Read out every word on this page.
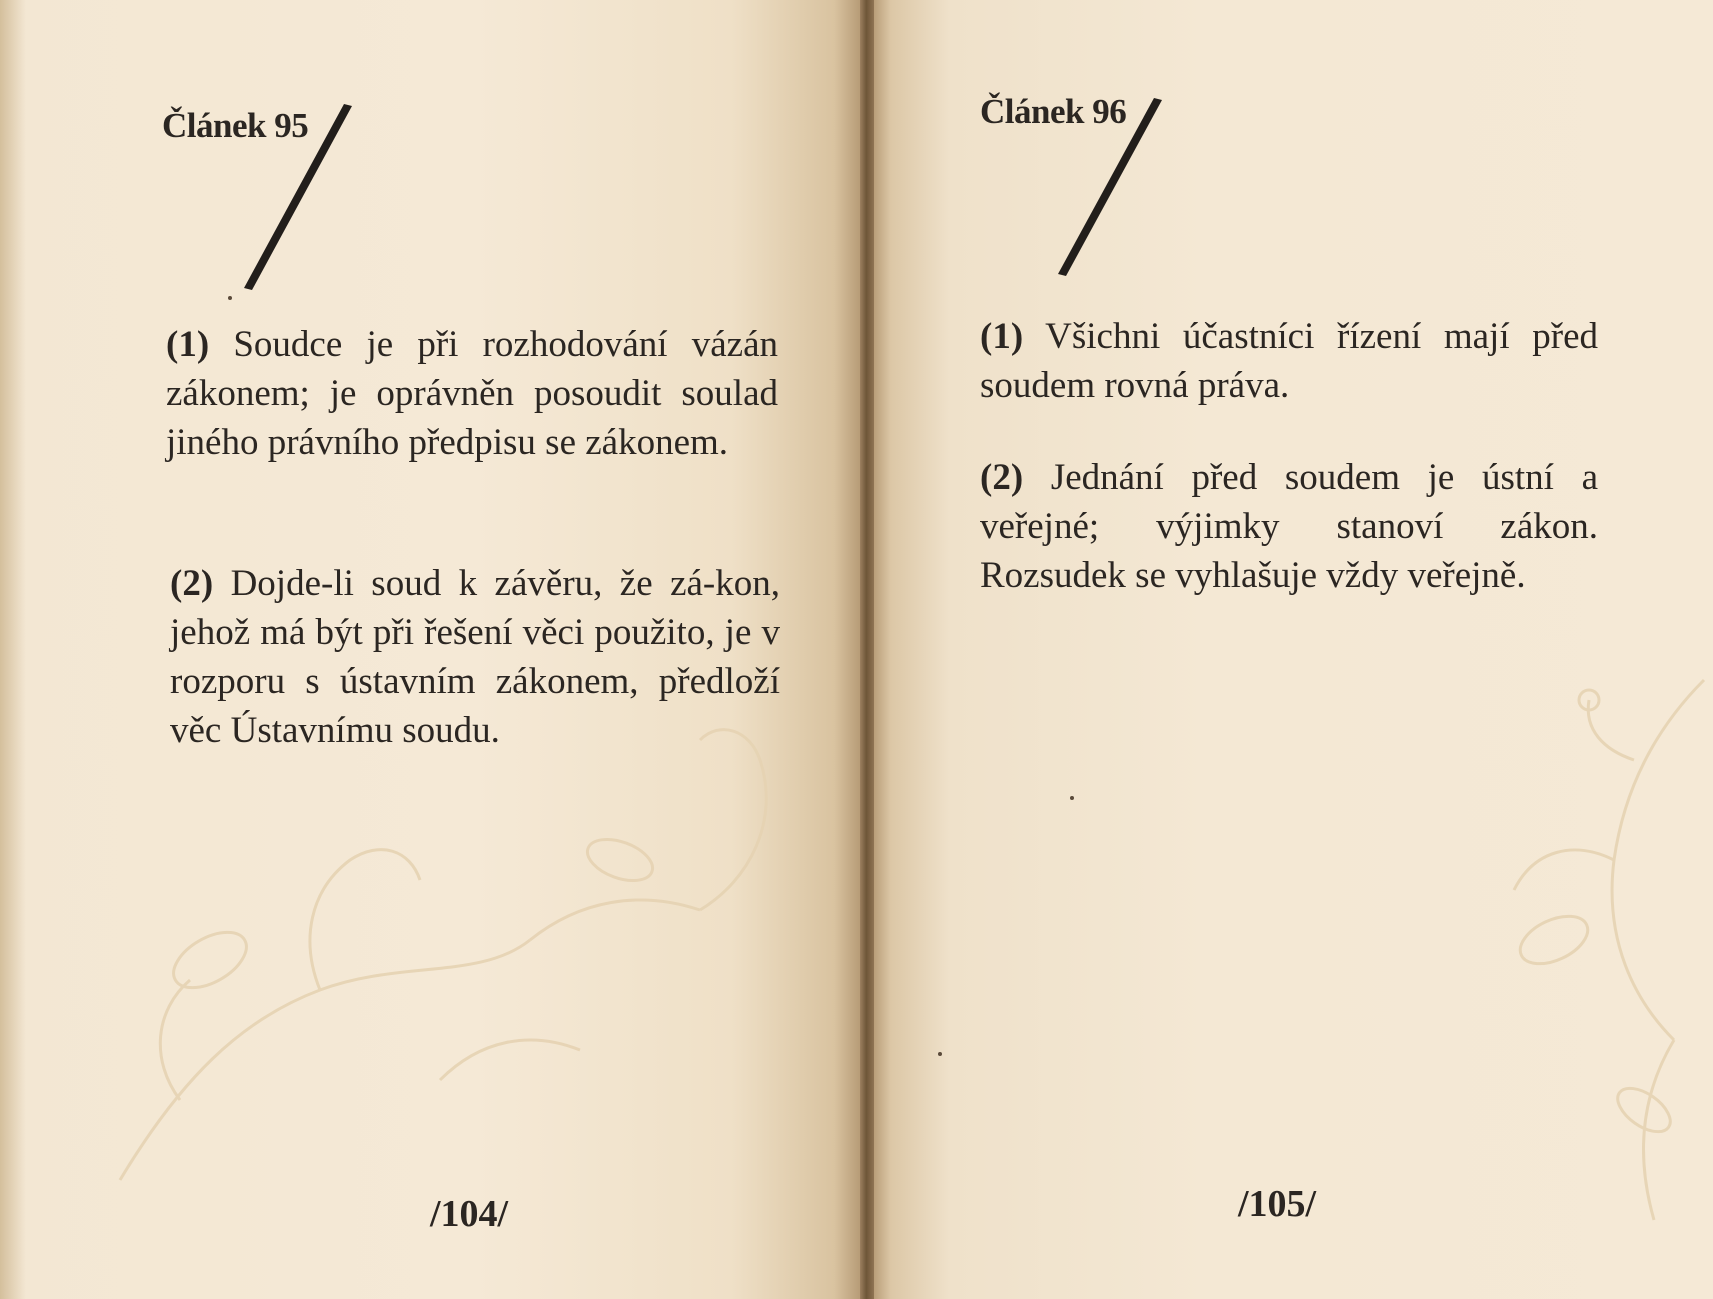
Článek 95

(1) Soudce je při rozhodování vázán zákonem; je oprávněn posoudit soulad jiného právního předpisu se zákonem.

(2) Dojde-li soud k závěru, že zá-kon, jehož má být při řešení věci použito, je v rozporu s ústavním zákonem, předloží věc Ústavnímu soudu.

/104/
Článek 96

(1) Všichni účastníci řízení mají před soudem rovná práva.

(2) Jednání před soudem je ústní a veřejné; výjimky stanoví zákon. Rozsudek se vyhlašuje vždy veřejně.

/105/
